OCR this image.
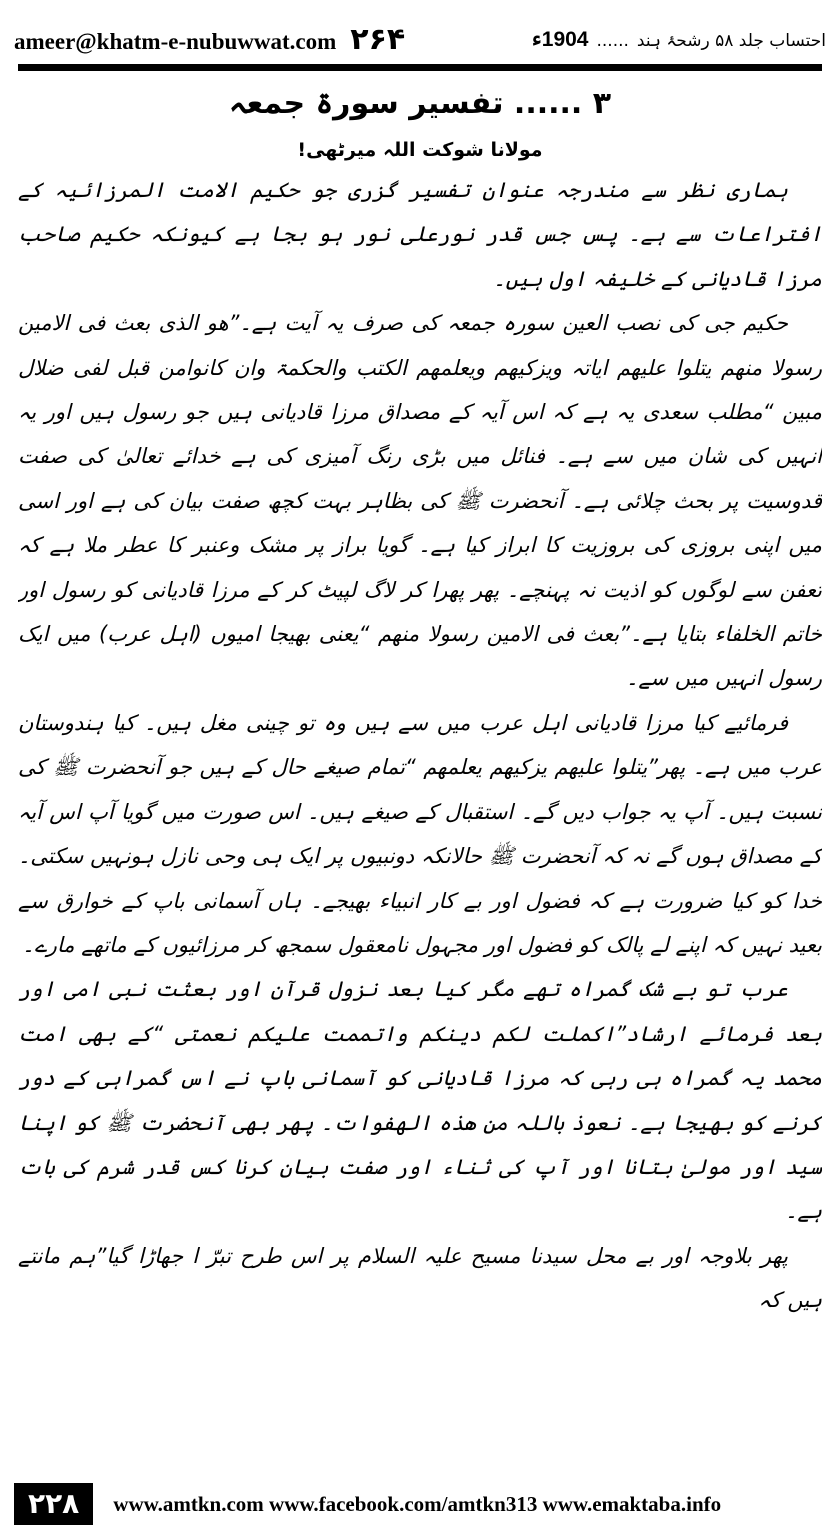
ameer@khatm-e-nubuwwat.com ۲۶۴	احتساب جلد ۵۸ رشحۂ ہند
......
1904ء

۳ ...... تفسیر سورۃ جمعہ

مولانا شوکت اللہ میرٹھی!

ہماری نظر سے مندرجہ عنوان تفسیر گزری جو حکیم الامت المرزائیہ کے افتراعات سے ہے۔ پس جس قدر نورعلی نور ہو بجا ہے کیونکہ حکیم صاحب مرزا قادیانی کے خلیفہ اول ہیں۔

حکیم جی کی نصب العین سورہ جمعہ کی صرف یہ آیت ہے۔”ھو الذی بعث فی الامین رسولا منھم یتلوا علیھم ایاتہ ویزکیھم ویعلمھم الکتب والحکمۃ وان کانوامن قبل لفی ضلال مبین “مطلب سعدی یہ ہے کہ اس آیہ کے مصداق مرزا قادیانی ہیں جو رسول ہیں اور یہ انہیں کی شان میں سے ہے۔ فنائل میں بڑی رنگ آمیزی کی ہے خدائے تعالیٰ کی صفت قدوسیت پر بحث چلائی ہے۔ آنحضرت ﷺ کی بظاہر بہت کچھ صفت بیان کی ہے اور اسی میں اپنی بروزی کی بروزیت کا ابراز کیا ہے۔ گویا براز پر مشک وعنبر کا عطر ملا ہے کہ تعفن سے لوگوں کو اذیت نہ پہنچے۔ پھر پھرا کر لاگ لپیٹ کر کے مرزا قادیانی کو رسول اور خاتم الخلفاء بتایا ہے۔”بعث فی الامین رسولا منھم “یعنی بھیجا امیوں (اہل عرب) میں ایک رسول انہیں میں سے۔

فرمائیے کیا مرزا قادیانی اہل عرب میں سے ہیں وہ تو چینی مغل ہیں۔ کیا ہندوستان عرب میں ہے۔ پھر”یتلوا علیھم یزکیھم یعلمھم “تمام صیغے حال کے ہیں جو آنحضرت ﷺ کی نسبت ہیں۔ آپ یہ جواب دیں گے۔ استقبال کے صیغے ہیں۔ اس صورت میں گویا آپ اس آیہ کے مصداق ہوں گے نہ کہ آنحضرت ﷺ حالانکہ دونبیوں پر ایک ہی وحی نازل ہونہیں سکتی۔ خدا کو کیا ضرورت ہے کہ فضول اور بے کار انبیاء بھیجے۔ ہاں آسمانی باپ کے خوارق سے بعید نہیں کہ اپنے لے پالک کو فضول اور مجہول نامعقول سمجھ کر مرزائیوں کے ماتھے مارے۔

عرب تو بے شک گمراہ تھے مگر کیا بعد نزول قرآن اور بعثت نبی امی اور بعد فرمائے ارشاد”اکملت لکم دینکم واتممت علیکم نعمتی “کے بھی امت محمد یہ گمراہ ہی رہی کہ مرزا قادیانی کو آسمانی باپ نے اس گمراہی کے دور کرنے کو بھیجا ہے۔ نعوذ باللہ من ھذہ الھفوات۔ پھر بھی آنحضرت ﷺ کو اپنا سید اور مولیٰ بتانا اور آپ کی ثناء اور صفت بیان کرنا کس قدر شرم کی بات ہے۔

پھر بلاوجہ اور بے محل سیدنا مسیح علیہ السلام پر اس طرح تبرّ ا جھاڑا گیا”ہم مانتے ہیں کہ

۲۲۸	www.amtkn.com www.facebook.com/amtkn313 www.emaktaba.info
